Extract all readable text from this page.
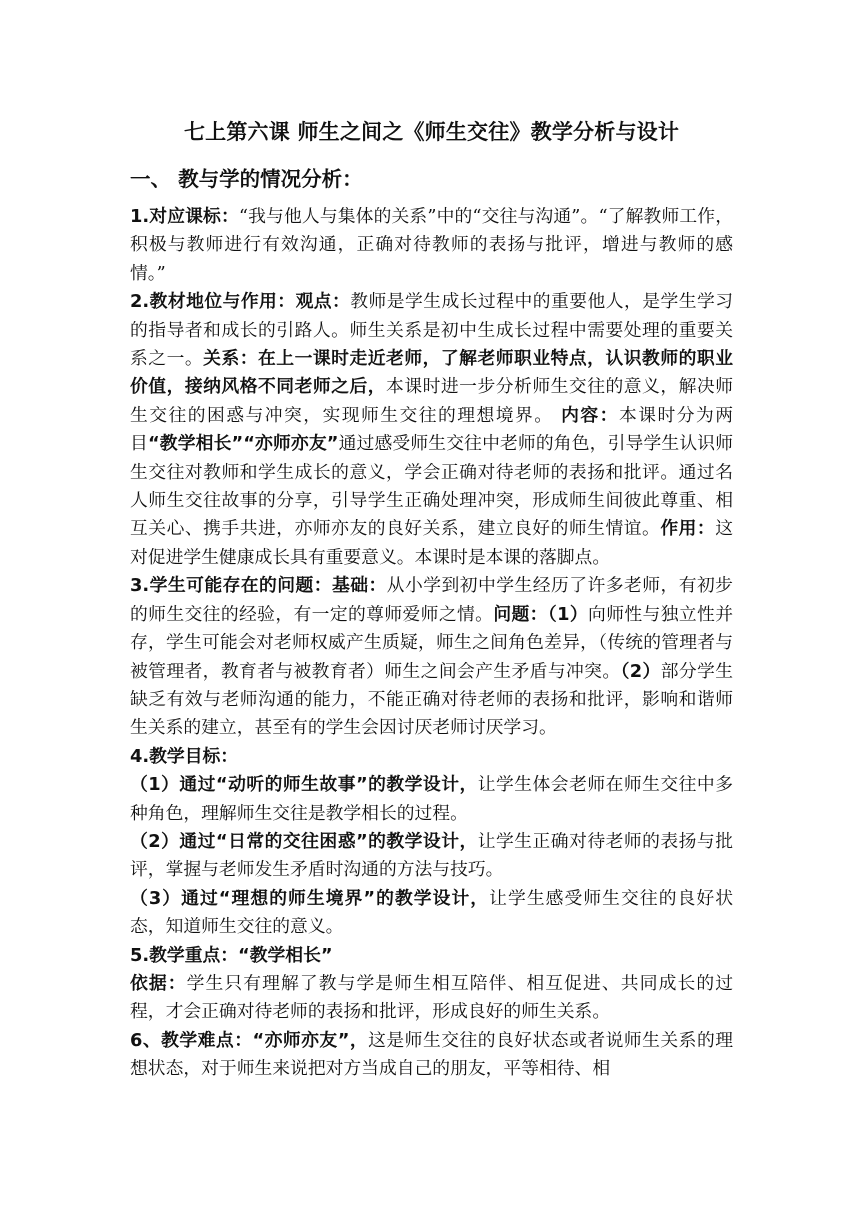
七上第六课 师生之间之《师生交往》教学分析与设计
一、 教与学的情况分析：

1.对应课标：“我与他人与集体的关系”中的“交往与沟通”。“了解教师工作，积极与教师进行有效沟通，正确对待教师的表扬与批评，增进与教师的感情。”

2.教材地位与作用：观点：教师是学生成长过程中的重要他人，是学生学习的指导者和成长的引路人。师生关系是初中生成长过程中需要处理的重要关系之一。关系：在上一课时走近老师，了解老师职业特点，认识教师的职业价值，接纳风格不同老师之后，本课时进一步分析师生交往的意义，解决师生交往的困惑与冲突，实现师生交往的理想境界。 内容：本课时分为两目“教学相长”“亦师亦友”通过感受师生交往中老师的角色，引导学生认识师生交往对教师和学生成长的意义，学会正确对待老师的表扬和批评。通过名人师生交往故事的分享，引导学生正确处理冲突，形成师生间彼此尊重、相互关心、携手共进，亦师亦友的良好关系，建立良好的师生情谊。作用：这对促进学生健康成长具有重要意义。本课时是本课的落脚点。

3.学生可能存在的问题：基础：从小学到初中学生经历了许多老师，有初步的师生交往的经验，有一定的尊师爱师之情。问题：（1）向师性与独立性并存，学生可能会对老师权威产生质疑，师生之间角色差异，（传统的管理者与被管理者，教育者与被教育者）师生之间会产生矛盾与冲突。（2）部分学生缺乏有效与老师沟通的能力，不能正确对待老师的表扬和批评，影响和谐师生关系的建立，甚至有的学生会因讨厌老师讨厌学习。

4.教学目标：

（1）通过“动听的师生故事”的教学设计，让学生体会老师在师生交往中多种角色，理解师生交往是教学相长的过程。

（2）通过“日常的交往困惑”的教学设计，让学生正确对待老师的表扬与批评，掌握与老师发生矛盾时沟通的方法与技巧。

（3）通过“理想的师生境界”的教学设计，让学生感受师生交往的良好状态，知道师生交往的意义。

5.教学重点：“教学相长”

依据：学生只有理解了教与学是师生相互陪伴、相互促进、共同成长的过程，才会正确对待老师的表扬和批评，形成良好的师生关系。

6、教学难点：“亦师亦友”，这是师生交往的良好状态或者说师生关系的理想状态，对于师生来说把对方当成自己的朋友，平等相待、相
